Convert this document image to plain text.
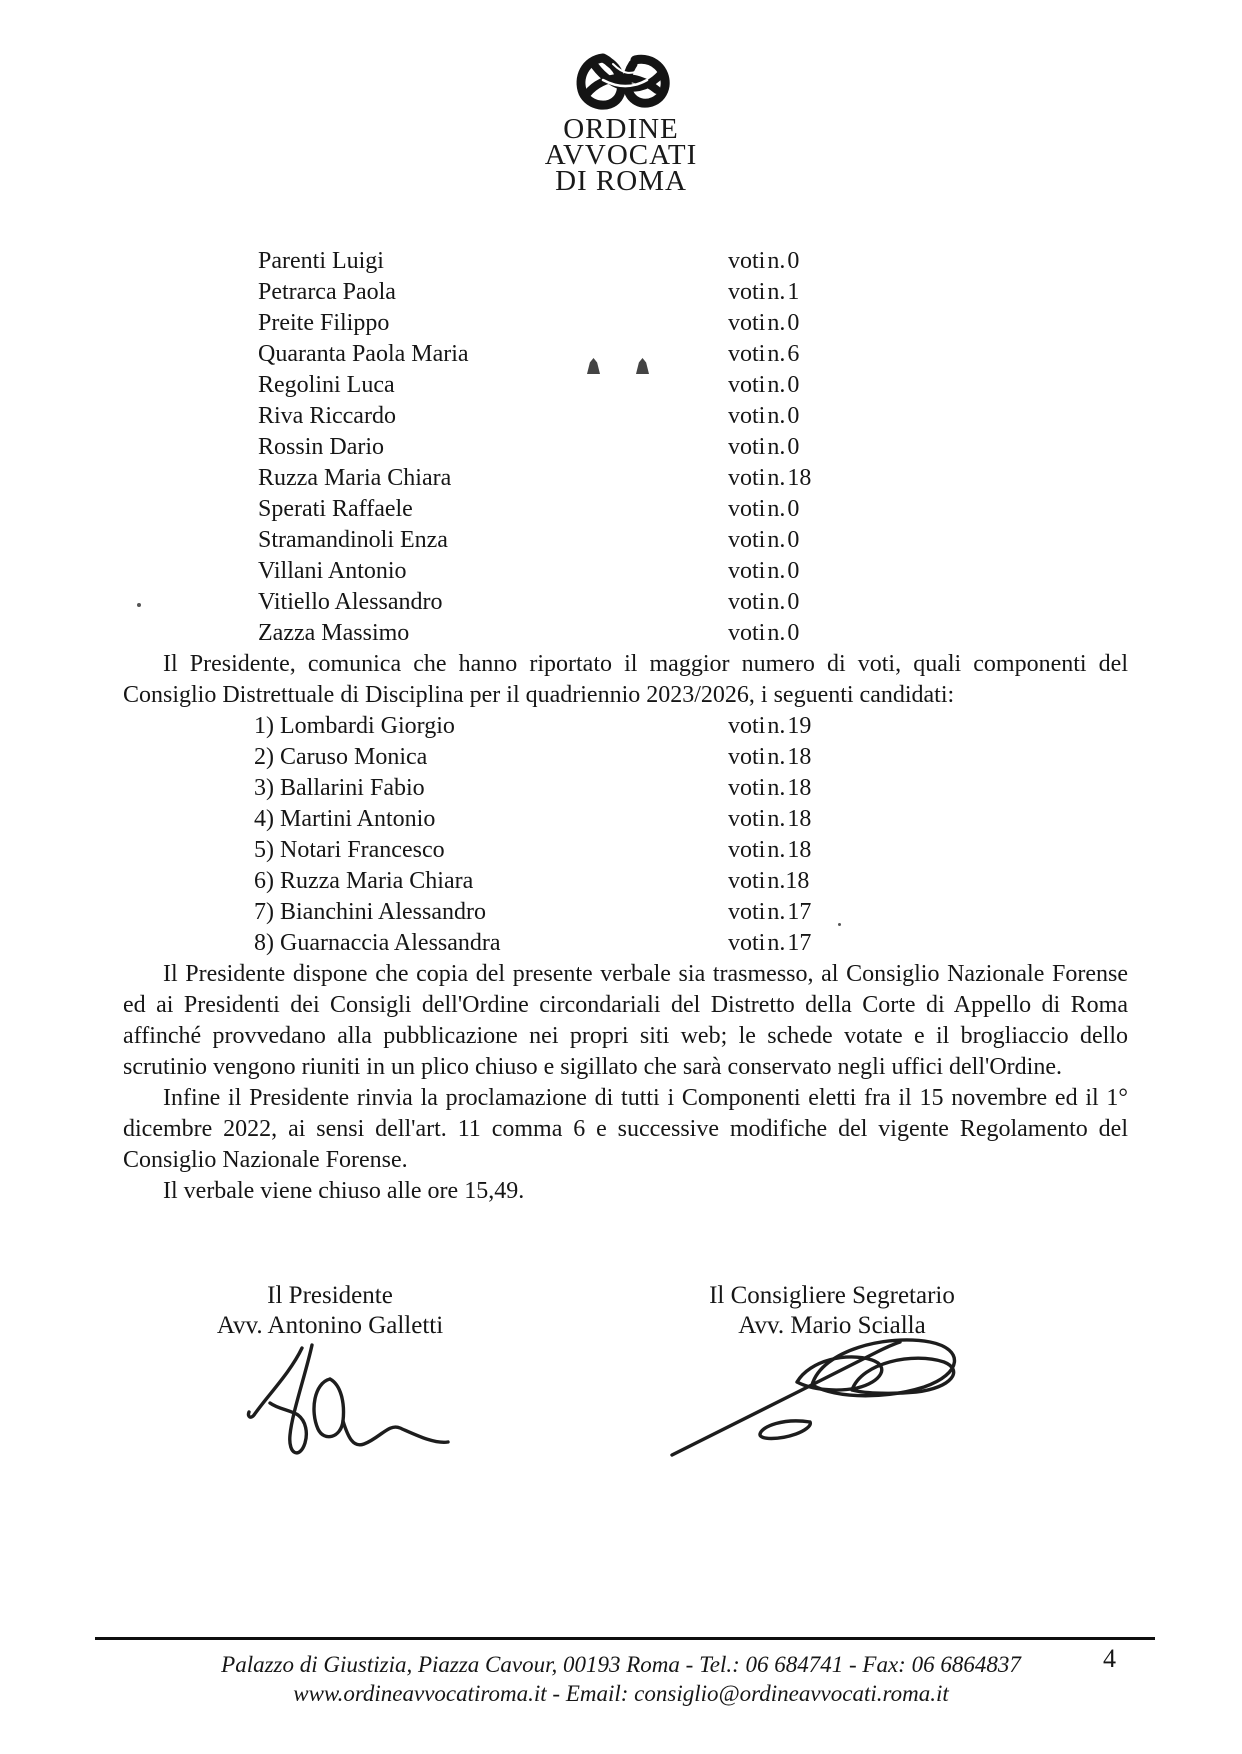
ORDINE
AVVOCATI
DI ROMA
Parenti Luigi	voti n. 0
Petrarca Paola	voti n. 1
Preite Filippo	voti n. 0
Quaranta Paola Maria	voti n. 6
Regolini Luca	voti n. 0
Riva Riccardo	voti n. 0
Rossin Dario	voti n. 0
Ruzza Maria Chiara	voti n. 18
Sperati Raffaele	voti n. 0
Stramandinoli Enza	voti n. 0
Villani Antonio	voti n. 0
Vitiello Alessandro	voti n. 0
Zazza Massimo	voti n. 0

Il Presidente, comunica che hanno riportato il maggior numero di voti, quali componenti del Consiglio Distrettuale di Disciplina per il quadriennio 2023/2026, i seguenti candidati:

1) Lombardi Giorgio	voti n. 19
2) Caruso Monica	voti n. 18
3) Ballarini Fabio	voti n. 18
4) Martini Antonio	voti n. 18
5) Notari Francesco	voti n. 18
6) Ruzza Maria Chiara	voti n.18
7) Bianchini Alessandro	voti n. 17
8) Guarnaccia Alessandra	voti n. 17

Il Presidente dispone che copia del presente verbale sia trasmesso, al Consiglio Nazionale Forense ed ai Presidenti dei Consigli dell'Ordine circondariali del Distretto della Corte di Appello di Roma affinché provvedano alla pubblicazione nei propri siti web; le schede votate e il brogliaccio dello scrutinio vengono riuniti in un plico chiuso e sigillato che sarà conservato negli uffici dell'Ordine.

Infine il Presidente rinvia la proclamazione di tutti i Componenti eletti fra il 15 novembre ed il 1° dicembre 2022, ai sensi dell'art. 11 comma 6 e successive modifiche del vigente Regolamento del Consiglio Nazionale Forense.

Il verbale viene chiuso alle ore 15,49.

Il Presidente
Avv. Antonino Galletti
Il Consigliere Segretario
Avv. Mario Scialla
4
Palazzo di Giustizia, Piazza Cavour, 00193 Roma - Tel.: 06 684741 - Fax: 06 6864837
www.ordineavvocatiroma.it - Email: consiglio@ordineavvocati.roma.it
